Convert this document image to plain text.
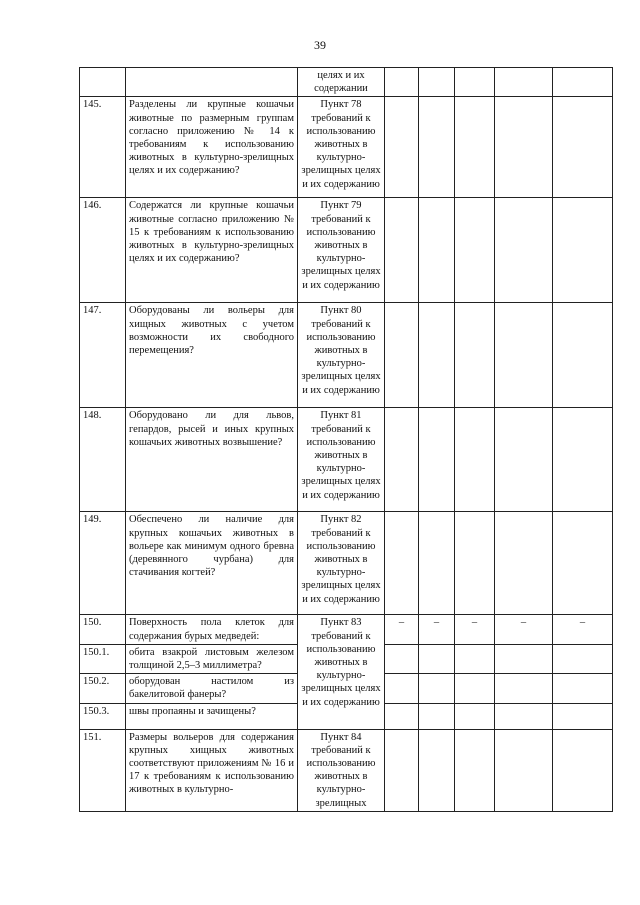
39
		целях и их содержании					
145.	Разделены ли крупные кошачьи животные по размерным группам согласно приложению № 14 к требованиям к использованию животных в культурно-зрелищных целях и их содержанию?	Пункт 78 требований к использованию животных в культурно-зрелищных целях и их содержанию					
146.	Содержатся ли крупные кошачьи животные согласно приложению № 15 к требованиям к использованию животных в культурно-зрелищных целях и их содержанию?	Пункт 79 требований к использованию животных в культурно-зрелищных целях и их содержанию					
147.	Оборудованы ли вольеры для хищных животных с учетом возможности их свободного перемещения?	Пункт 80 требований к использованию животных в культурно-зрелищных целях и их содержанию					
148.	Оборудовано ли для львов, гепардов, рысей и иных крупных кошачьих животных возвышение?	Пункт 81 требований к использованию животных в культурно-зрелищных целях и их содержанию					
149.	Обеспечено ли наличие для крупных кошачьих животных в вольере как минимум одного бревна (деревянного чурбана) для стачивания когтей?	Пункт 82 требований к использованию животных в культурно-зрелищных целях и их содержанию					
150.	Поверхность пола клеток для содержания бурых медведей:	Пункт 83 требований к использованию животных в культурно-зрелищных целях и их содержанию	–	–	–	–	–
150.1.	обита взакрой листовым железом толщиной 2,5–3 миллиметра?						
150.2.	оборудован настилом из бакелитовой фанеры?						
150.3.	швы пропаяны и зачищены?						
151.	Размеры вольеров для содержания крупных хищных животных соответствуют приложениям № 16 и 17 к требованиям к использованию животных в культурно-	Пункт 84 требований к использованию животных в культурно-зрелищных					
